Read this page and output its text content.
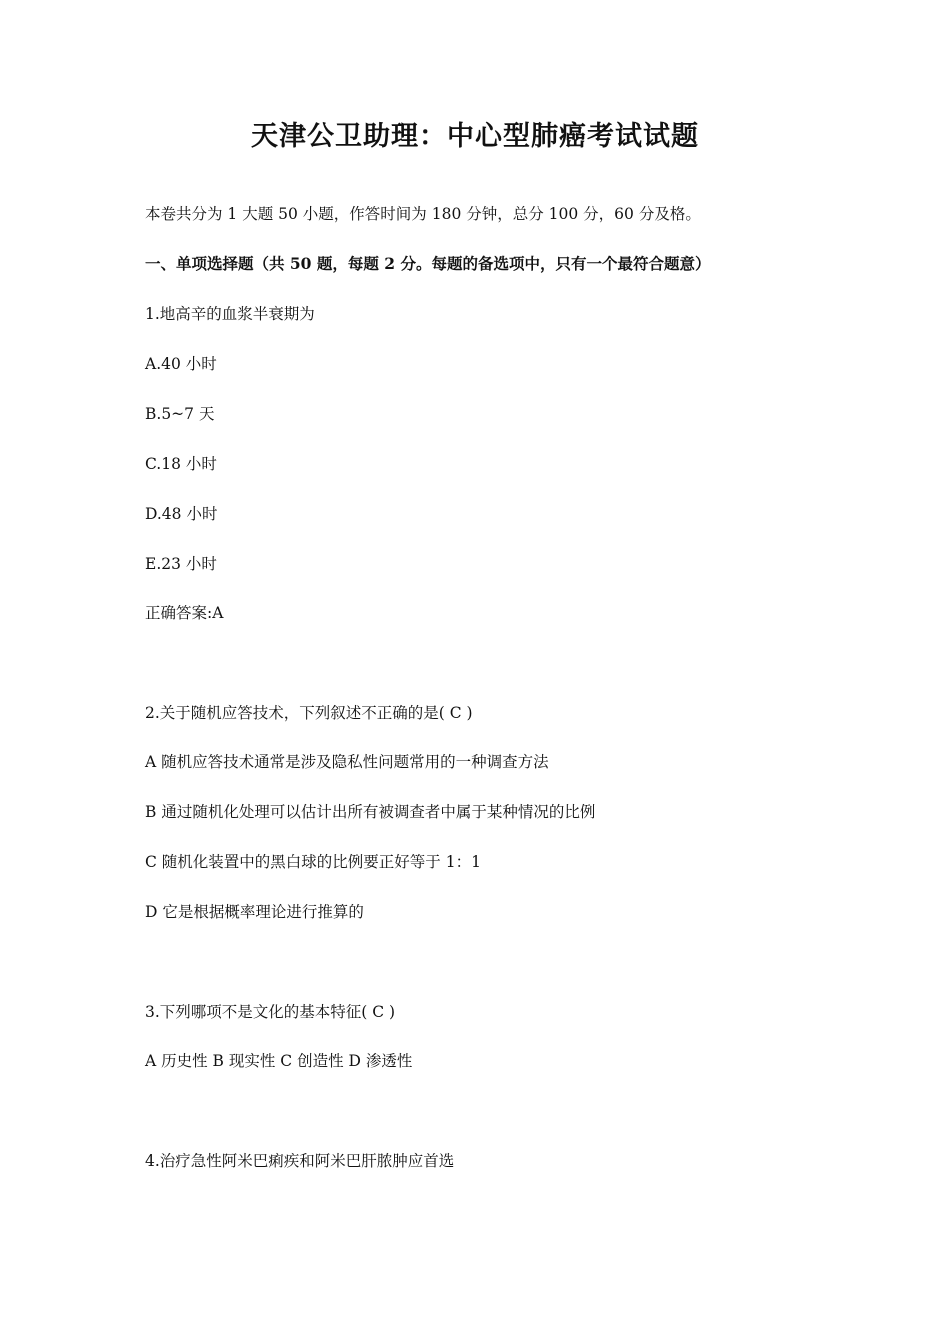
天津公卫助理：中心型肺癌考试试题
本卷共分为 1 大题 50 小题，作答时间为 180 分钟，总分 100 分，60 分及格。
一、单项选择题（共 50 题，每题 2 分。每题的备选项中，只有一个最符合题意）
1.地高辛的血浆半衰期为
A.40 小时
B.5~7 天
C.18 小时
D.48 小时
E.23 小时
正确答案:A
2.关于随机应答技术，下列叙述不正确的是( C )
A 随机应答技术通常是涉及隐私性问题常用的一种调查方法
B 通过随机化处理可以估计出所有被调查者中属于某种情况的比例
C 随机化装置中的黑白球的比例要正好等于 1：1
D 它是根据概率理论进行推算的
3.下列哪项不是文化的基本特征( C )
A 历史性 B 现实性 C 创造性 D 渗透性
4.治疗急性阿米巴痢疾和阿米巴肝脓肿应首选
